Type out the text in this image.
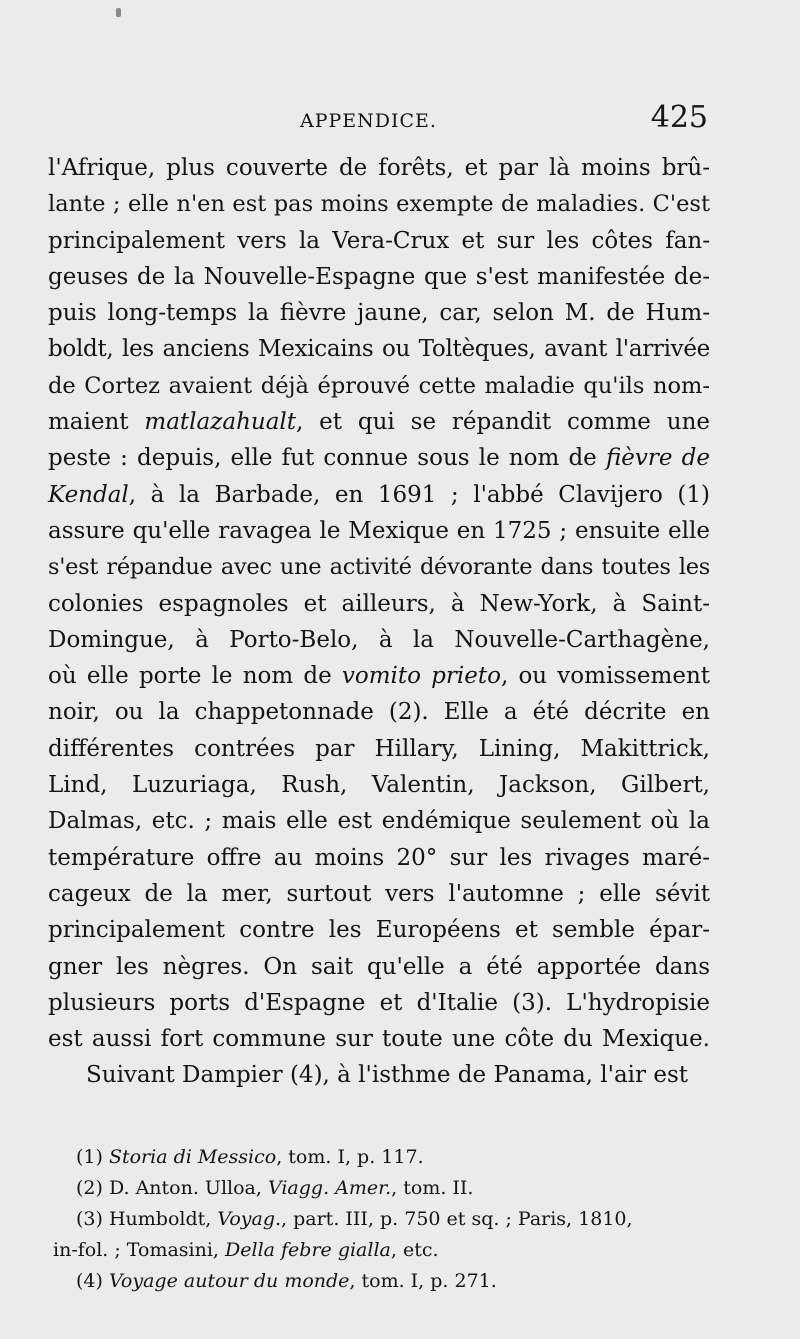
APPENDICE.	425
l'Afrique, plus couverte de forêts, et par là moins brû-
lante ; elle n'en est pas moins exempte de maladies. C'est
principalement vers la Vera-Crux et sur les côtes fan-
geuses de la Nouvelle-Espagne que s'est manifestée de-
puis long-temps la fièvre jaune, car, selon M. de Hum-
boldt, les anciens Mexicains ou Toltèques, avant l'arrivée
de Cortez avaient déjà éprouvé cette maladie qu'ils nom-
maient matlazahualt, et qui se répandit comme une
peste : depuis, elle fut connue sous le nom de fièvre de
Kendal, à la Barbade, en 1691 ; l'abbé Clavijero (1)
assure qu'elle ravagea le Mexique en 1725 ; ensuite elle
s'est répandue avec une activité dévorante dans toutes les
colonies espagnoles et ailleurs, à New-York, à Saint-
Domingue, à Porto-Belo, à la Nouvelle-Carthagène,
où elle porte le nom de vomito prieto, ou vomissement
noir, ou la chappetonnade (2). Elle a été décrite en
différentes contrées par Hillary, Lining, Makittrick,
Lind, Luzuriaga, Rush, Valentin, Jackson, Gilbert,
Dalmas, etc. ; mais elle est endémique seulement où la
température offre au moins 20° sur les rivages maré-
cageux de la mer, surtout vers l'automne ; elle sévit
principalement contre les Européens et semble épar-
gner les nègres. On sait qu'elle a été apportée dans
plusieurs ports d'Espagne et d'Italie (3). L'hydropisie
est aussi fort commune sur toute une côte du Mexique.
Suivant Dampier (4), à l'isthme de Panama, l'air est
(1) Storia di Messico, tom. I, p. 117.
(2) D. Anton. Ulloa, Viagg. Amer., tom. II.
(3) Humboldt, Voyag., part. III, p. 750 et sq. ; Paris, 1810,
in-fol. ; Tomasini, Della febre gialla, etc.
(4) Voyage autour du monde, tom. I, p. 271.
